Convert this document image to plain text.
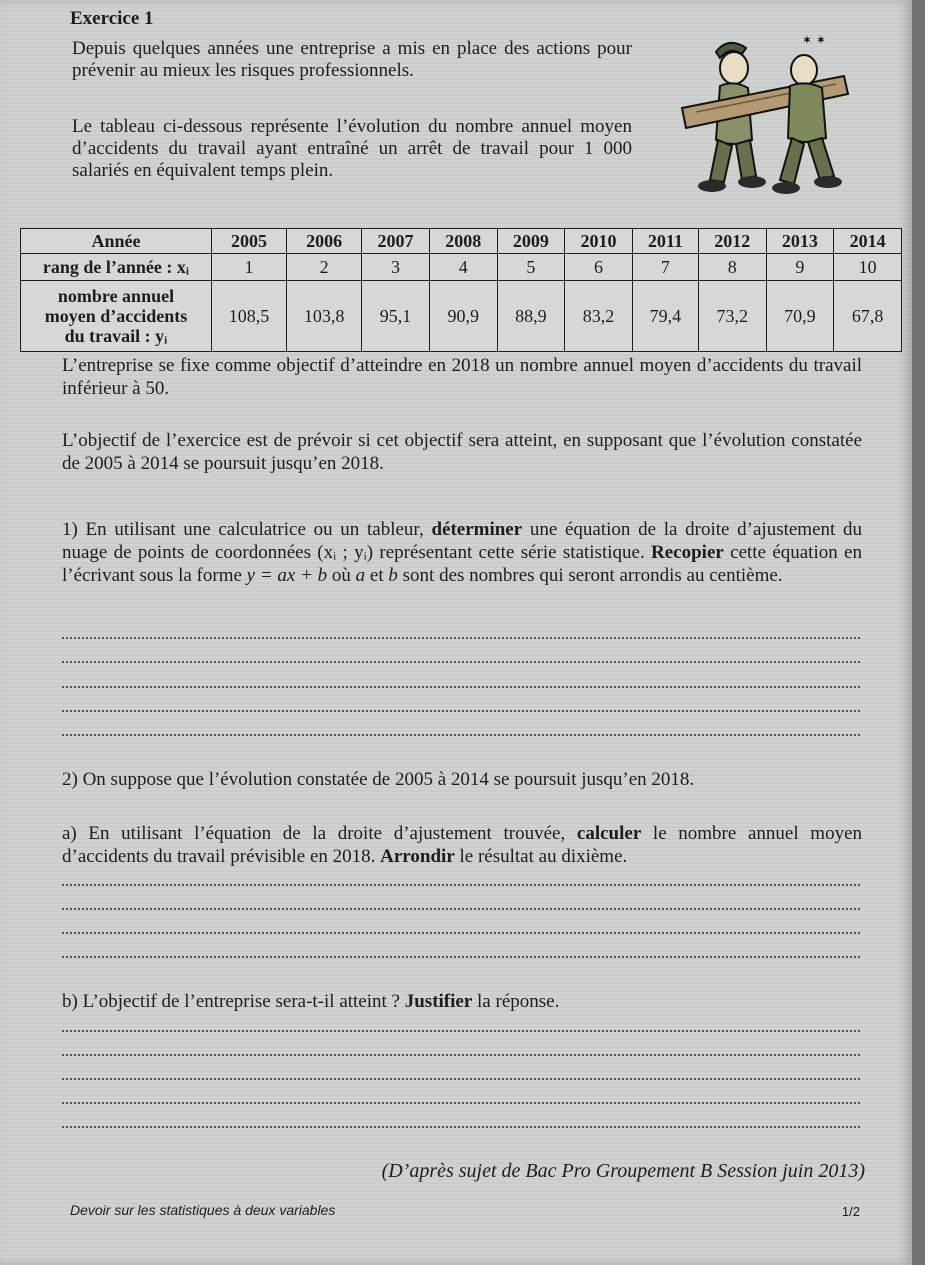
Exercice 1

Depuis quelques années une entreprise a mis en place des actions pour prévenir au mieux les risques professionnels.

Le tableau ci-dessous représente l’évolution du nombre annuel moyen d’accidents du travail ayant entraîné un arrêt de travail pour 1 000 salariés en équivalent temps plein.

✶ ✶
Année	2005	2006	2007	2008	2009	2010	2011	2012	2013	2014
rang de l’année : xᵢ	1	2	3	4	5	6	7	8	9	10
nombre annuel
moyen d’accidents
du travail : yᵢ	108,5	103,8	95,1	90,9	88,9	83,2	79,4	73,2	70,9	67,8

L’entreprise se fixe comme objectif d’atteindre en 2018 un nombre annuel moyen d’accidents du travail inférieur à 50.

L’objectif de l’exercice est de prévoir si cet objectif sera atteint, en supposant que l’évolution constatée de 2005 à 2014 se poursuit jusqu’en 2018.

1) En utilisant une calculatrice ou un tableur, déterminer une équation de la droite d’ajustement du nuage de points de coordonnées (xᵢ ; yᵢ) représentant cette série statistique. Recopier cette équation en l’écrivant sous la forme y = ax + b où a et b sont des nombres qui seront arrondis au centième.

2) On suppose que l’évolution constatée de 2005 à 2014 se poursuit jusqu’en 2018.

a) En utilisant l’équation de la droite d’ajustement trouvée, calculer le nombre annuel moyen d’accidents du travail prévisible en 2018. Arrondir le résultat au dixième.

b) L’objectif de l’entreprise sera-t-il atteint ? Justifier la réponse.

(D’après sujet de Bac Pro Groupement B Session juin 2013)
Devoir sur les statistiques à deux variables	1/2
